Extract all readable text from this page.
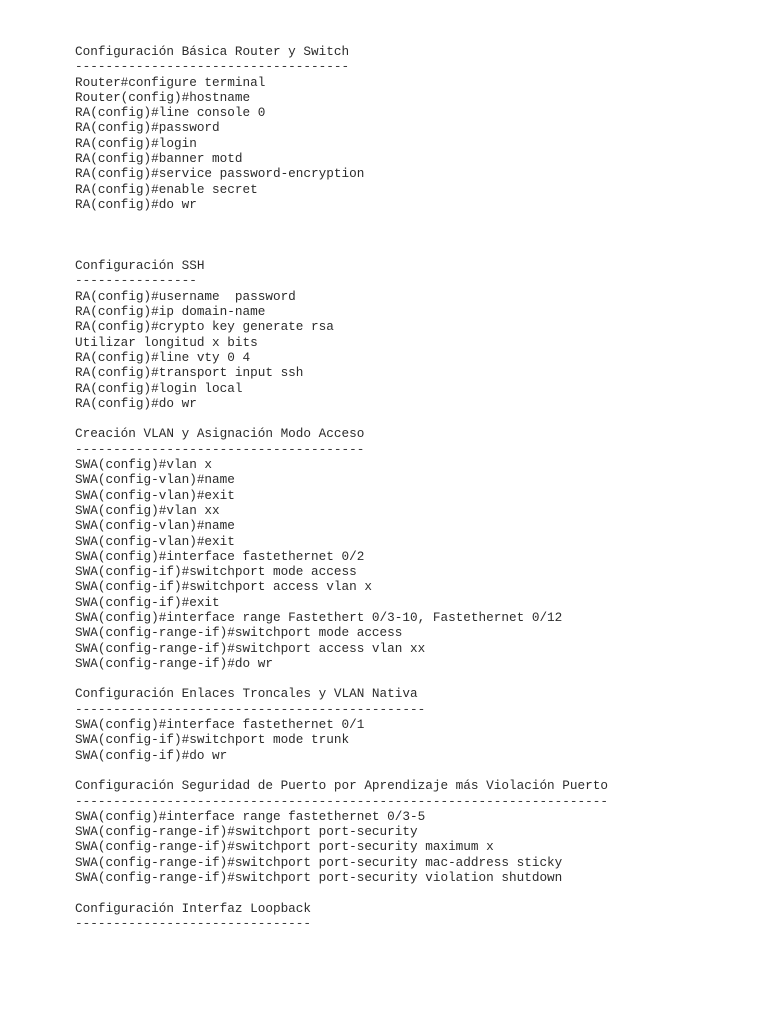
Configuración Básica Router y Switch
------------------------------------
Router#configure terminal
Router(config)#hostname
RA(config)#line console 0
RA(config)#password
RA(config)#login
RA(config)#banner motd
RA(config)#service password-encryption
RA(config)#enable secret
RA(config)#do wr
Configuración SSH
----------------
RA(config)#username  password
RA(config)#ip domain-name
RA(config)#crypto key generate rsa
Utilizar longitud x bits
RA(config)#line vty 0 4
RA(config)#transport input ssh
RA(config)#login local
RA(config)#do wr
Creación VLAN y Asignación Modo Acceso
--------------------------------------
SWA(config)#vlan x
SWA(config-vlan)#name
SWA(config-vlan)#exit
SWA(config)#vlan xx
SWA(config-vlan)#name
SWA(config-vlan)#exit
SWA(config)#interface fastethernet 0/2
SWA(config-if)#switchport mode access
SWA(config-if)#switchport access vlan x
SWA(config-if)#exit
SWA(config)#interface range Fastethert 0/3-10, Fastethernet 0/12
SWA(config-range-if)#switchport mode access
SWA(config-range-if)#switchport access vlan xx
SWA(config-range-if)#do wr
Configuración Enlaces Troncales y VLAN Nativa
----------------------------------------------
SWA(config)#interface fastethernet 0/1
SWA(config-if)#switchport mode trunk
SWA(config-if)#do wr
Configuración Seguridad de Puerto por Aprendizaje más Violación Puerto
----------------------------------------------------------------------
SWA(config)#interface range fastethernet 0/3-5
SWA(config-range-if)#switchport port-security
SWA(config-range-if)#switchport port-security maximum x
SWA(config-range-if)#switchport port-security mac-address sticky
SWA(config-range-if)#switchport port-security violation shutdown
Configuración Interfaz Loopback
-------------------------------
